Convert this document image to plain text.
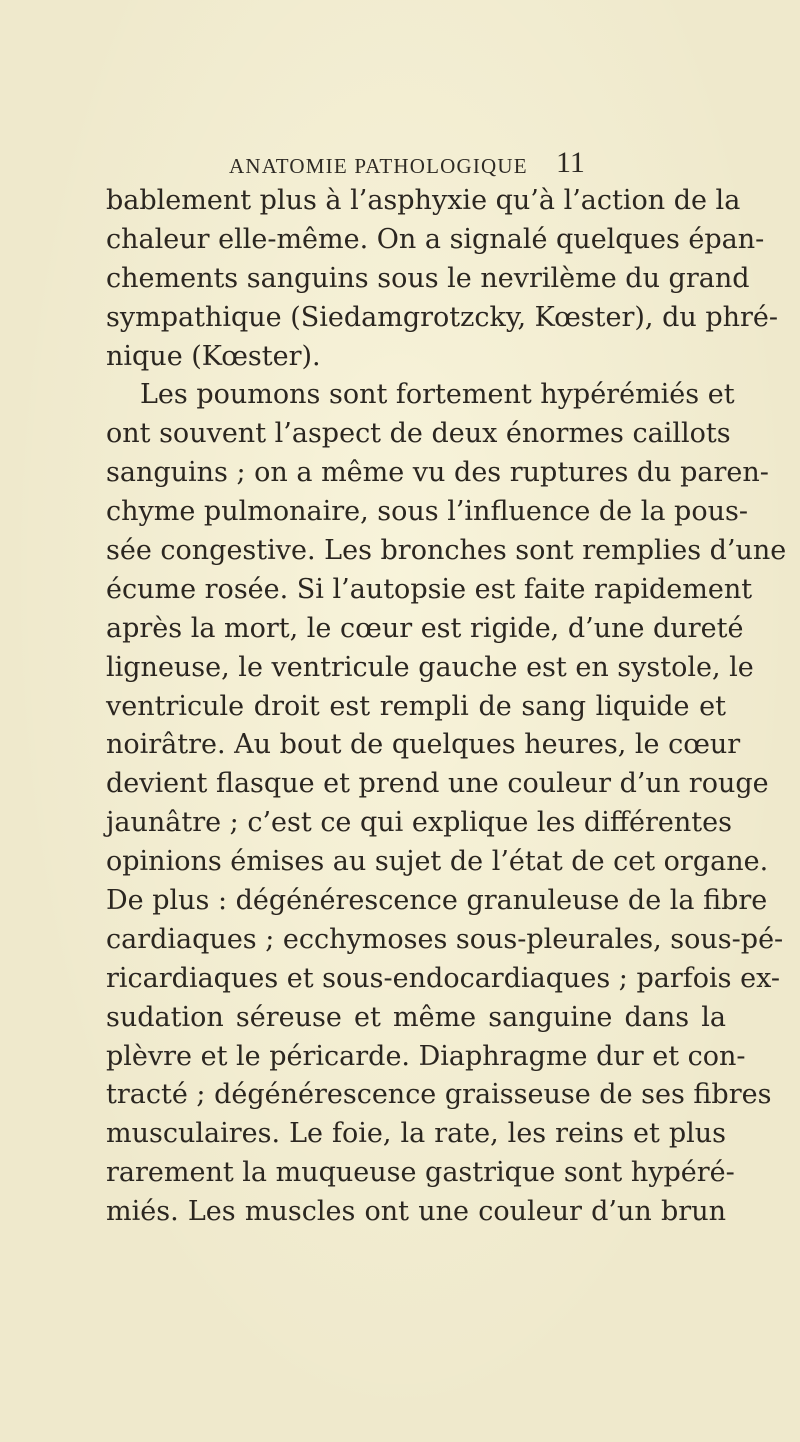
ANATOMIE PATHOLOGIQUE 11
bablement plus à l’asphyxie qu’à l’action de la
chaleur elle-même. On a signalé quelques épan-
chements sanguins sous le nevrilème du grand
sympathique (Siedamgrotzcky, Kœster), du phré-
nique (Kœster).
Les poumons sont fortement hypérémiés et
ont souvent l’aspect de deux énormes caillots
sanguins ; on a même vu des ruptures du paren-
chyme pulmonaire, sous l’influence de la pous-
sée congestive. Les bronches sont remplies d’une
écume rosée. Si l’autopsie est faite rapidement
après la mort, le cœur est rigide, d’une dureté
ligneuse, le ventricule gauche est en systole, le
ventricule droit est rempli de sang liquide et
noirâtre. Au bout de quelques heures, le cœur
devient flasque et prend une couleur d’un rouge
jaunâtre ; c’est ce qui explique les différentes
opinions émises au sujet de l’état de cet organe.
De plus : dégénérescence granuleuse de la fibre
cardiaques ; ecchymoses sous-pleurales, sous-pé-
ricardiaques et sous-endocardiaques ; parfois ex-
sudation séreuse et même sanguine dans la
plèvre et le péricarde. Diaphragme dur et con-
tracté ; dégénérescence graisseuse de ses fibres
musculaires. Le foie, la rate, les reins et plus
rarement la muqueuse gastrique sont hypéré-
miés. Les muscles ont une couleur d’un brun
